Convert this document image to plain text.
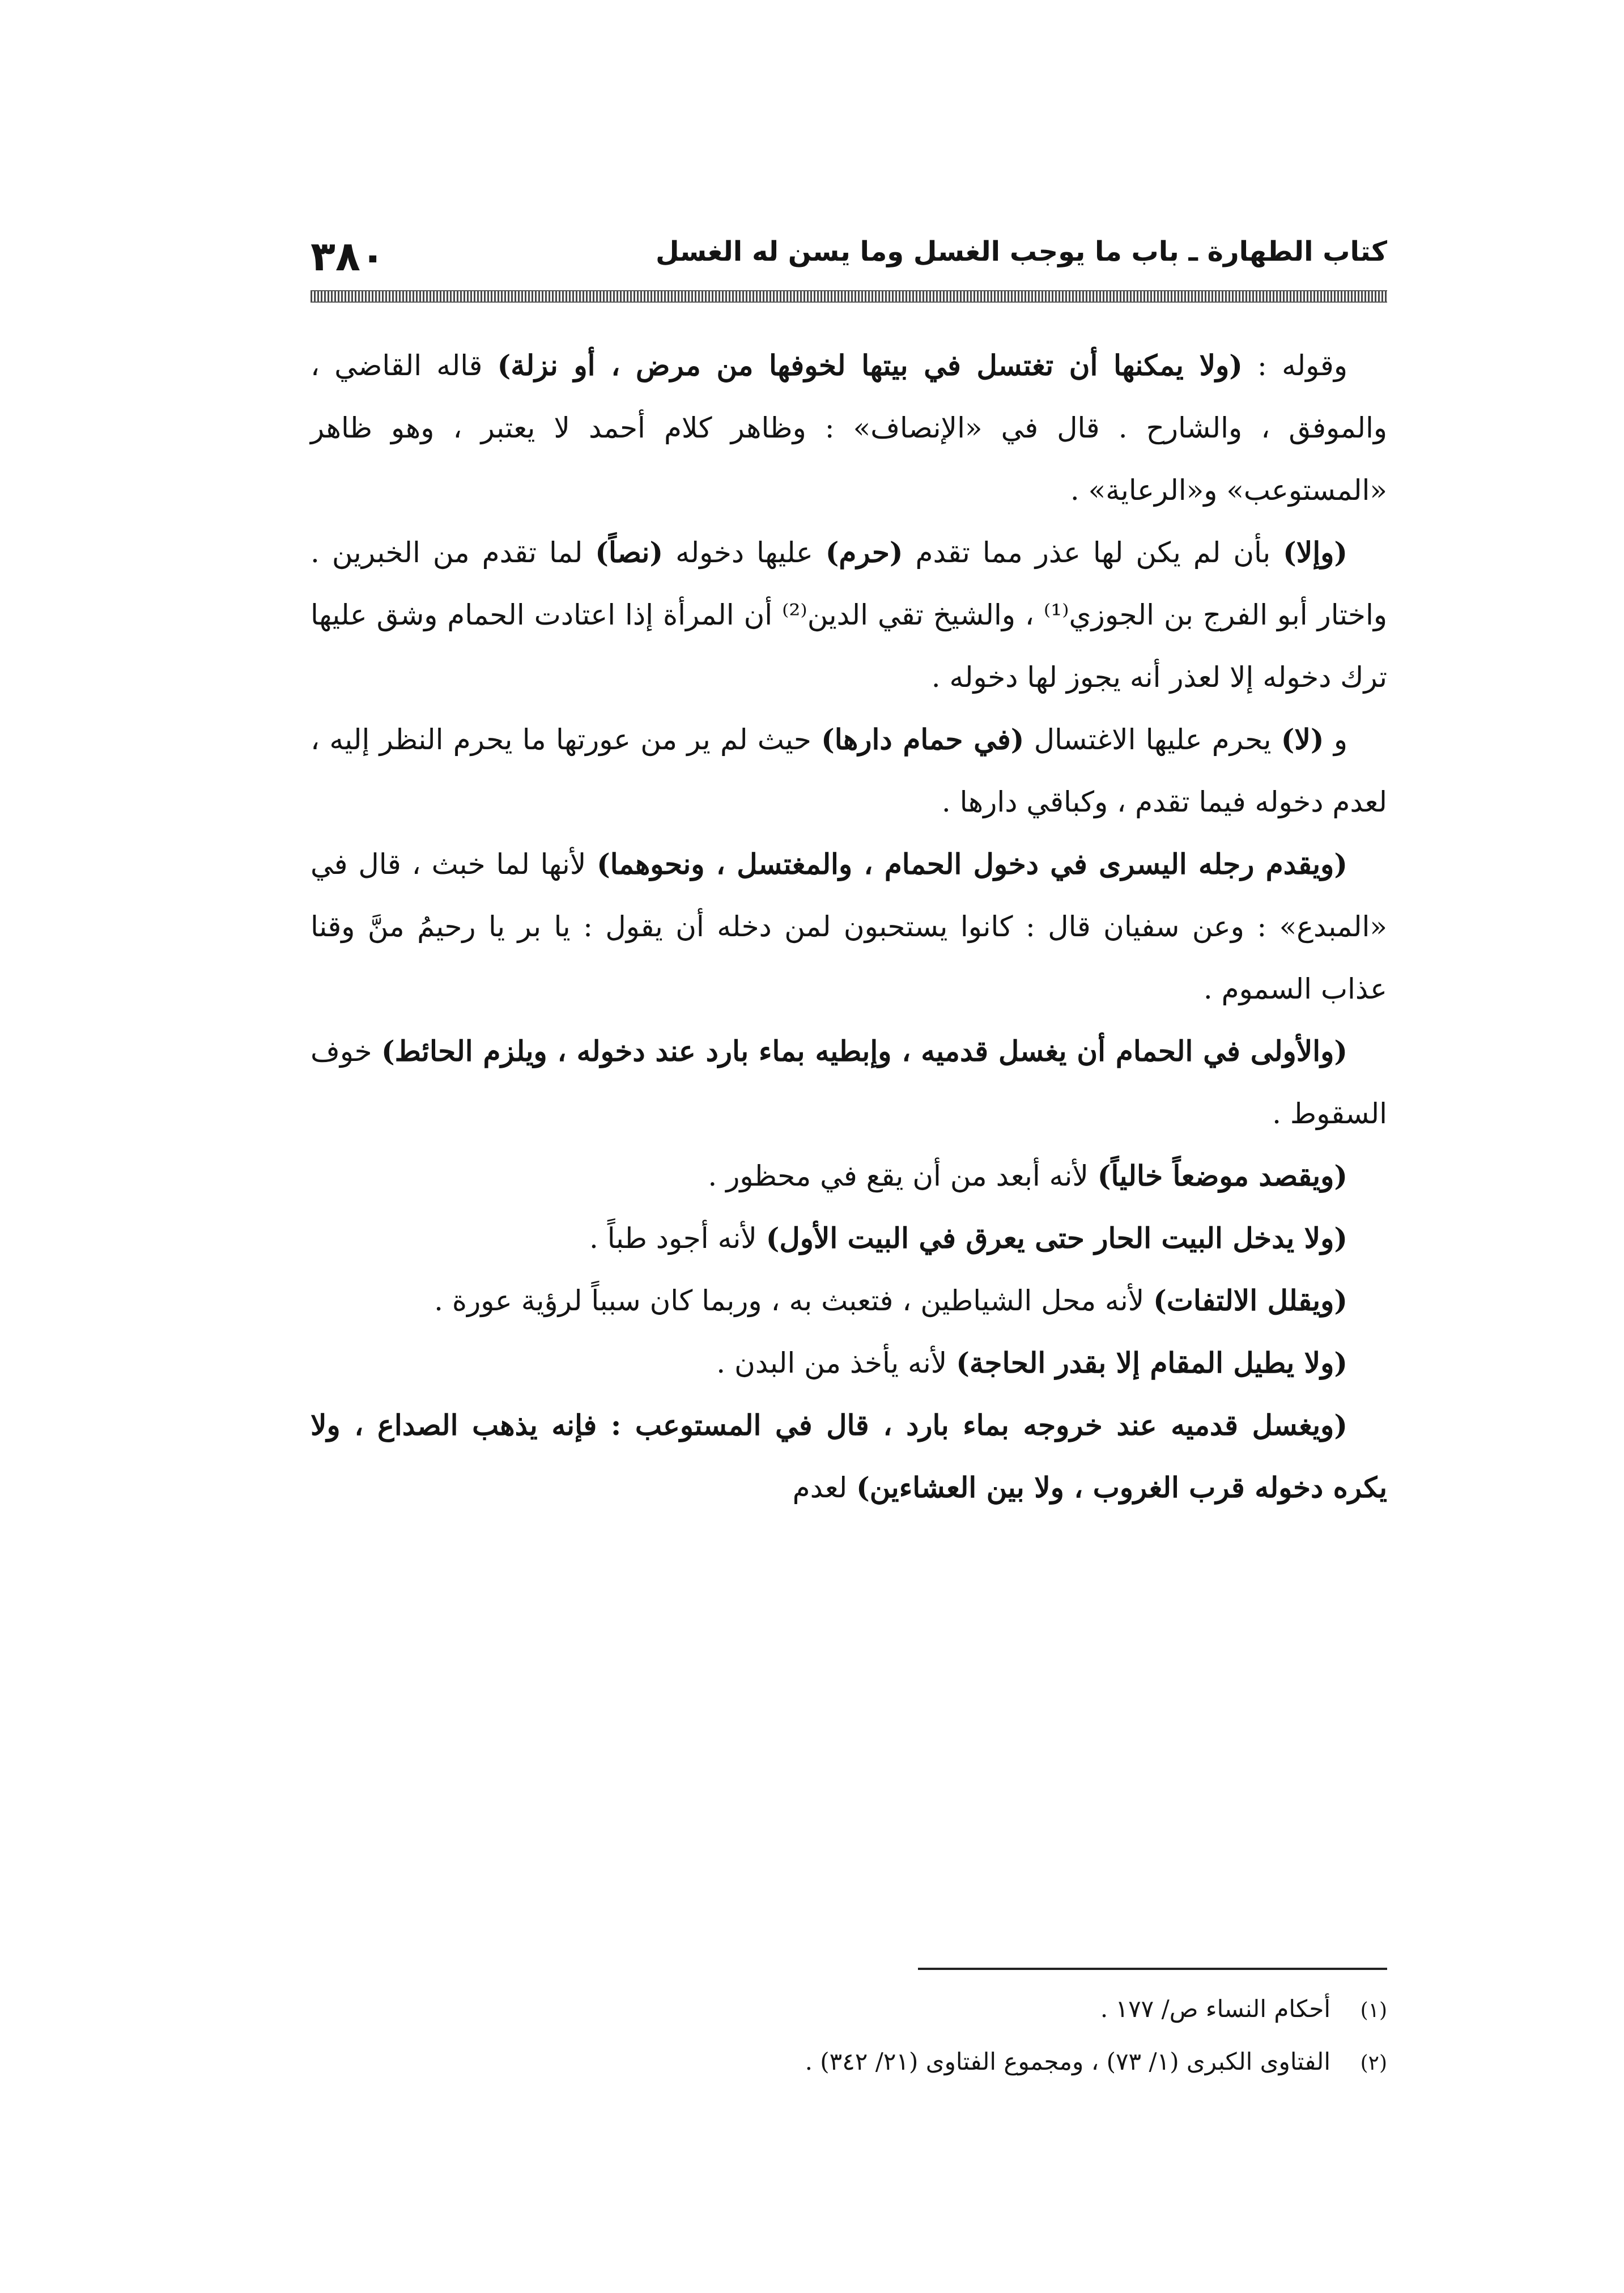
كتاب الطهارة ـ باب ما يوجب الغسل وما يسن له الغسل
٣٨٠

وقوله : (ولا يمكنها أن تغتسل في بيتها لخوفها من مرض ، أو نزلة) قاله القاضي ، والموفق ، والشارح . قال في «الإنصاف» : وظاهر كلام أحمد لا يعتبر ، وهو ظاهر «المستوعب» و«الرعاية» .

(وإلا) بأن لم يكن لها عذر مما تقدم (حرم) عليها دخوله (نصاً) لما تقدم من الخبرين . واختار أبو الفرج بن الجوزي⁽¹⁾ ، والشيخ تقي الدين⁽²⁾ أن المرأة إذا اعتادت الحمام وشق عليها ترك دخوله إلا لعذر أنه يجوز لها دخوله .

و (لا) يحرم عليها الاغتسال (في حمام دارها) حيث لم ير من عورتها ما يحرم النظر إليه ، لعدم دخوله فيما تقدم ، وكباقي دارها .

(ويقدم رجله اليسرى في دخول الحمام ، والمغتسل ، ونحوهما) لأنها لما خبث ، قال في «المبدع» : وعن سفيان قال : كانوا يستحبون لمن دخله أن يقول : يا بر يا رحيمُ منَّ وقنا عذاب السموم .

(والأولى في الحمام أن يغسل قدميه ، وإبطيه بماء بارد عند دخوله ، ويلزم الحائط) خوف السقوط .

(ويقصد موضعاً خالياً) لأنه أبعد من أن يقع في محظور .

(ولا يدخل البيت الحار حتى يعرق في البيت الأول) لأنه أجود طباً .

(ويقلل الالتفات) لأنه محل الشياطين ، فتعبث به ، وربما كان سبباً لرؤية عورة .

(ولا يطيل المقام إلا بقدر الحاجة) لأنه يأخذ من البدن .

(ويغسل قدميه عند خروجه بماء بارد ، قال في المستوعب : فإنه يذهب الصداع ، ولا يكره دخوله قرب الغروب ، ولا بين العشاءين) لعدم

(١)أحكام النساء ص/ ١٧٧ .

(٢)الفتاوى الكبرى (١/ ٧٣) ، ومجموع الفتاوى (٢١/ ٣٤٢) .
